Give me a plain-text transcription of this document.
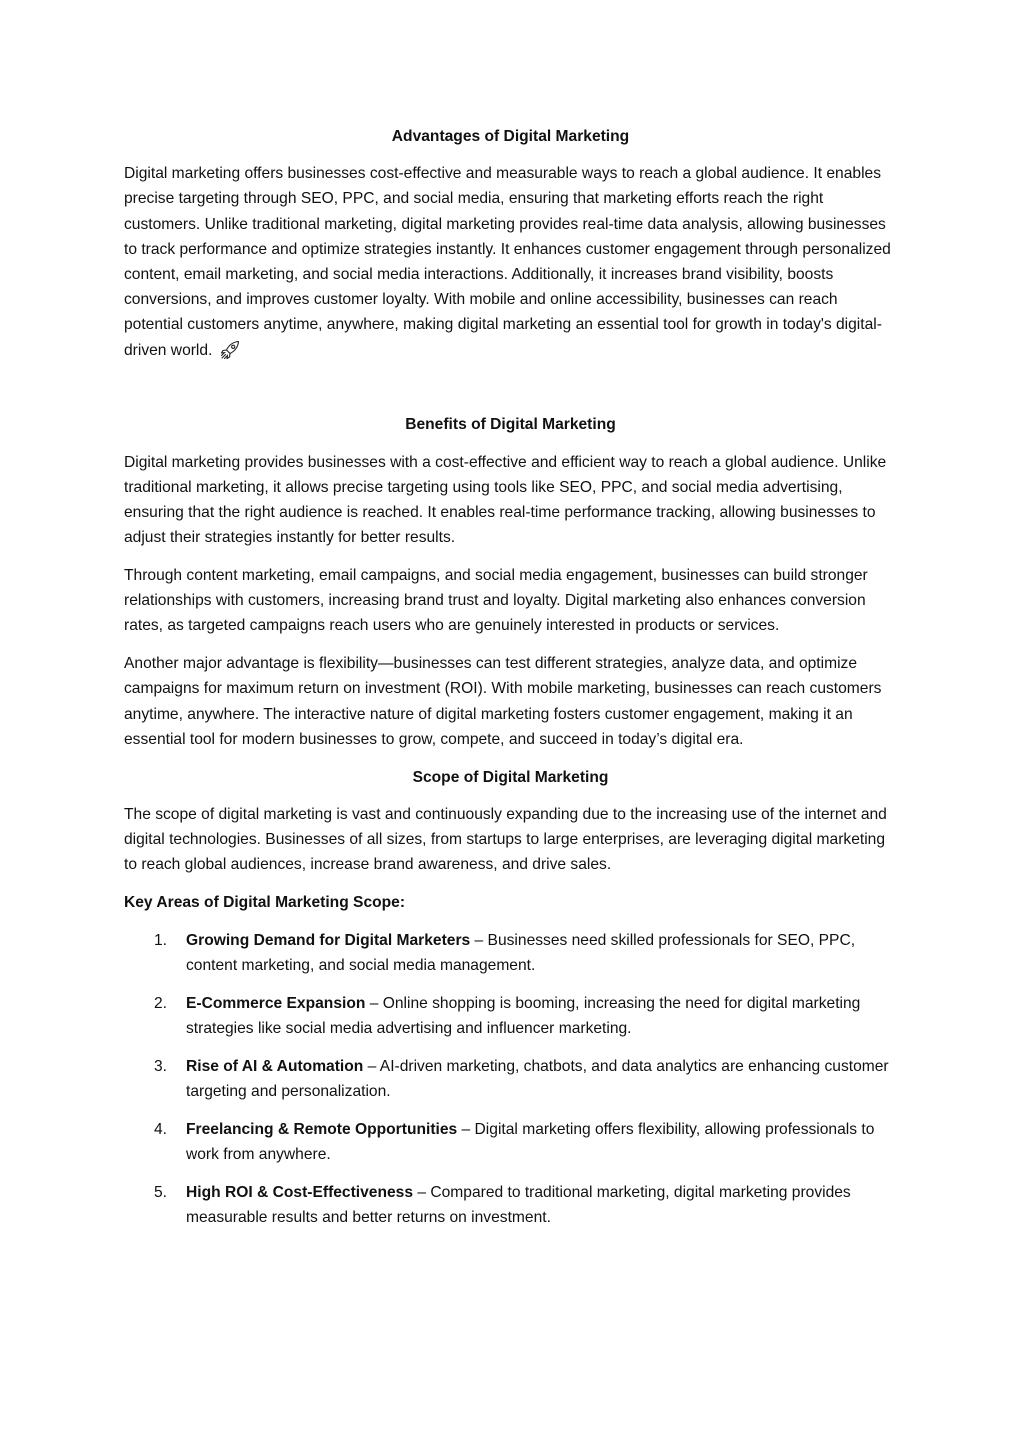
Advantages of Digital Marketing

Digital marketing offers businesses cost-effective and measurable ways to reach a global audience. It enables precise targeting through SEO, PPC, and social media, ensuring that marketing efforts reach the right customers. Unlike traditional marketing, digital marketing provides real-time data analysis, allowing businesses to track performance and optimize strategies instantly. It enhances customer engagement through personalized content, email marketing, and social media interactions. Additionally, it increases brand visibility, boosts conversions, and improves customer loyalty. With mobile and online accessibility, businesses can reach potential customers anytime, anywhere, making digital marketing an essential tool for growth in today's digital-driven world.

Benefits of Digital Marketing

Digital marketing provides businesses with a cost-effective and efficient way to reach a global audience. Unlike traditional marketing, it allows precise targeting using tools like SEO, PPC, and social media advertising, ensuring that the right audience is reached. It enables real-time performance tracking, allowing businesses to adjust their strategies instantly for better results.

Through content marketing, email campaigns, and social media engagement, businesses can build stronger relationships with customers, increasing brand trust and loyalty. Digital marketing also enhances conversion rates, as targeted campaigns reach users who are genuinely interested in products or services.

Another major advantage is flexibility—businesses can test different strategies, analyze data, and optimize campaigns for maximum return on investment (ROI). With mobile marketing, businesses can reach customers anytime, anywhere. The interactive nature of digital marketing fosters customer engagement, making it an essential tool for modern businesses to grow, compete, and succeed in today’s digital era.

Scope of Digital Marketing

The scope of digital marketing is vast and continuously expanding due to the increasing use of the internet and digital technologies. Businesses of all sizes, from startups to large enterprises, are leveraging digital marketing to reach global audiences, increase brand awareness, and drive sales.

Key Areas of Digital Marketing Scope:
1. Growing Demand for Digital Marketers – Businesses need skilled professionals for SEO, PPC, content marketing, and social media management.
2. E-Commerce Expansion – Online shopping is booming, increasing the need for digital marketing strategies like social media advertising and influencer marketing.
3. Rise of AI & Automation – AI-driven marketing, chatbots, and data analytics are enhancing customer targeting and personalization.
4. Freelancing & Remote Opportunities – Digital marketing offers flexibility, allowing professionals to work from anywhere.
5. High ROI & Cost-Effectiveness – Compared to traditional marketing, digital marketing provides measurable results and better returns on investment.
